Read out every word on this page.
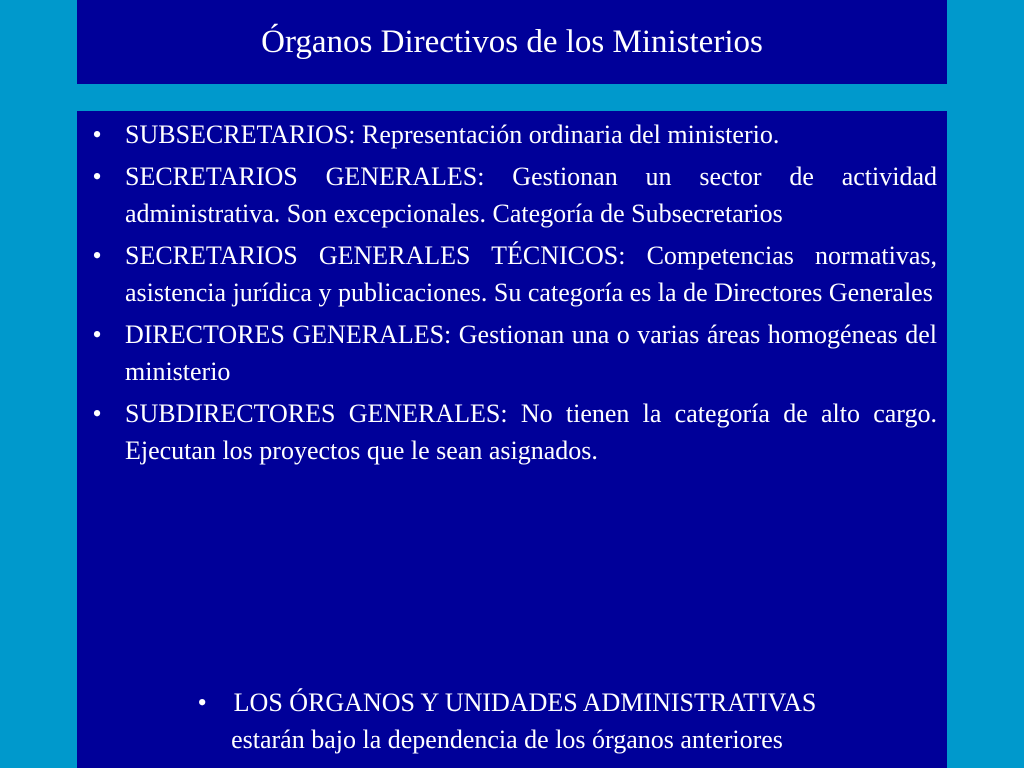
Órganos Directivos de los Ministerios
• SUBSECRETARIOS: Representación ordinaria del ministerio.
• SECRETARIOS GENERALES: Gestionan un sector de actividad administrativa. Son excepcionales. Categoría de Subsecretarios
• SECRETARIOS GENERALES TÉCNICOS: Competencias normativas, asistencia jurídica y publicaciones. Su categoría es la de Directores Generales
• DIRECTORES GENERALES: Gestionan una o varias áreas homogéneas del ministerio
• SUBDIRECTORES GENERALES: No tienen la categoría de alto cargo. Ejecutan los proyectos que le sean asignados.
• LOS ÓRGANOS Y UNIDADES ADMINISTRATIVAS
estarán bajo la dependencia de los órganos anteriores
